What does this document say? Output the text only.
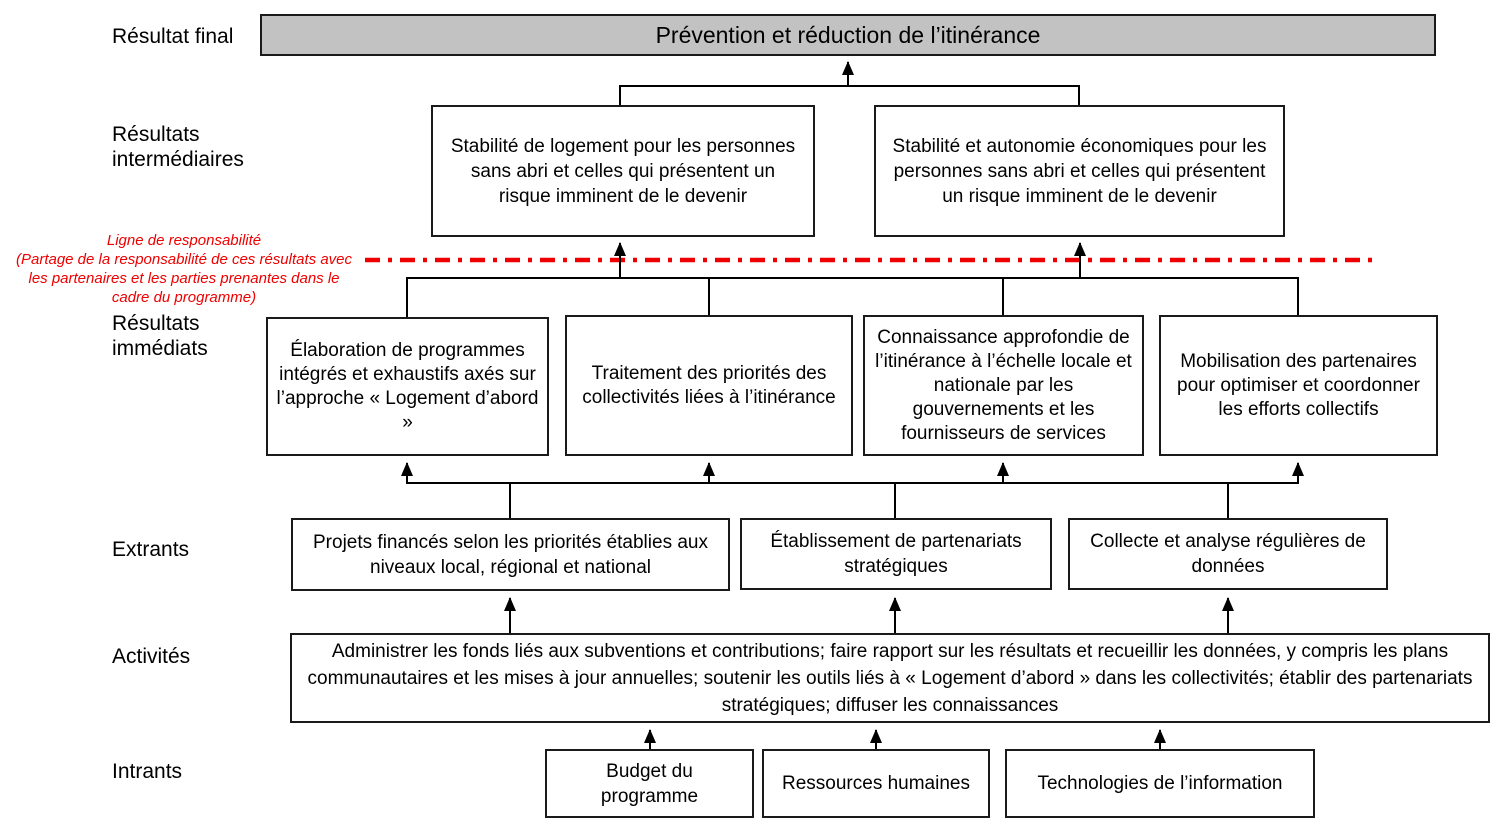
Résultat final
Résultats intermédiaires
Résultats immédiats
Extrants
Activités
Intrants
Ligne de responsabilité
(Partage de la responsabilité de ces résultats avec les partenaires et les parties prenantes dans le cadre du programme)
Prévention et réduction de l’itinérance
Stabilité de logement pour les personnes sans abri et celles qui présentent un risque imminent de le devenir
Stabilité et autonomie économiques pour les personnes sans abri et celles qui présentent un risque imminent de le devenir
Élaboration de programmes intégrés et exhaustifs axés sur l’approche « Logement d’abord »
Traitement des priorités des collectivités liées à l’itinérance
Connaissance approfondie de l’itinérance à l’échelle locale et nationale par les gouvernements et les fournisseurs de services
Mobilisation des partenaires pour optimiser et coordonner les efforts collectifs
Projets financés selon les priorités établies aux niveaux local, régional et national
Établissement de partenariats stratégiques
Collecte et analyse régulières de données
Administrer les fonds liés aux subventions et contributions; faire rapport sur les résultats et recueillir les données, y compris les plans communautaires et les mises à jour annuelles; soutenir les outils liés à « Logement d’abord » dans les collectivités; établir des partenariats stratégiques; diffuser les connaissances
Budget du programme
Ressources humaines	Technologies de l’information
